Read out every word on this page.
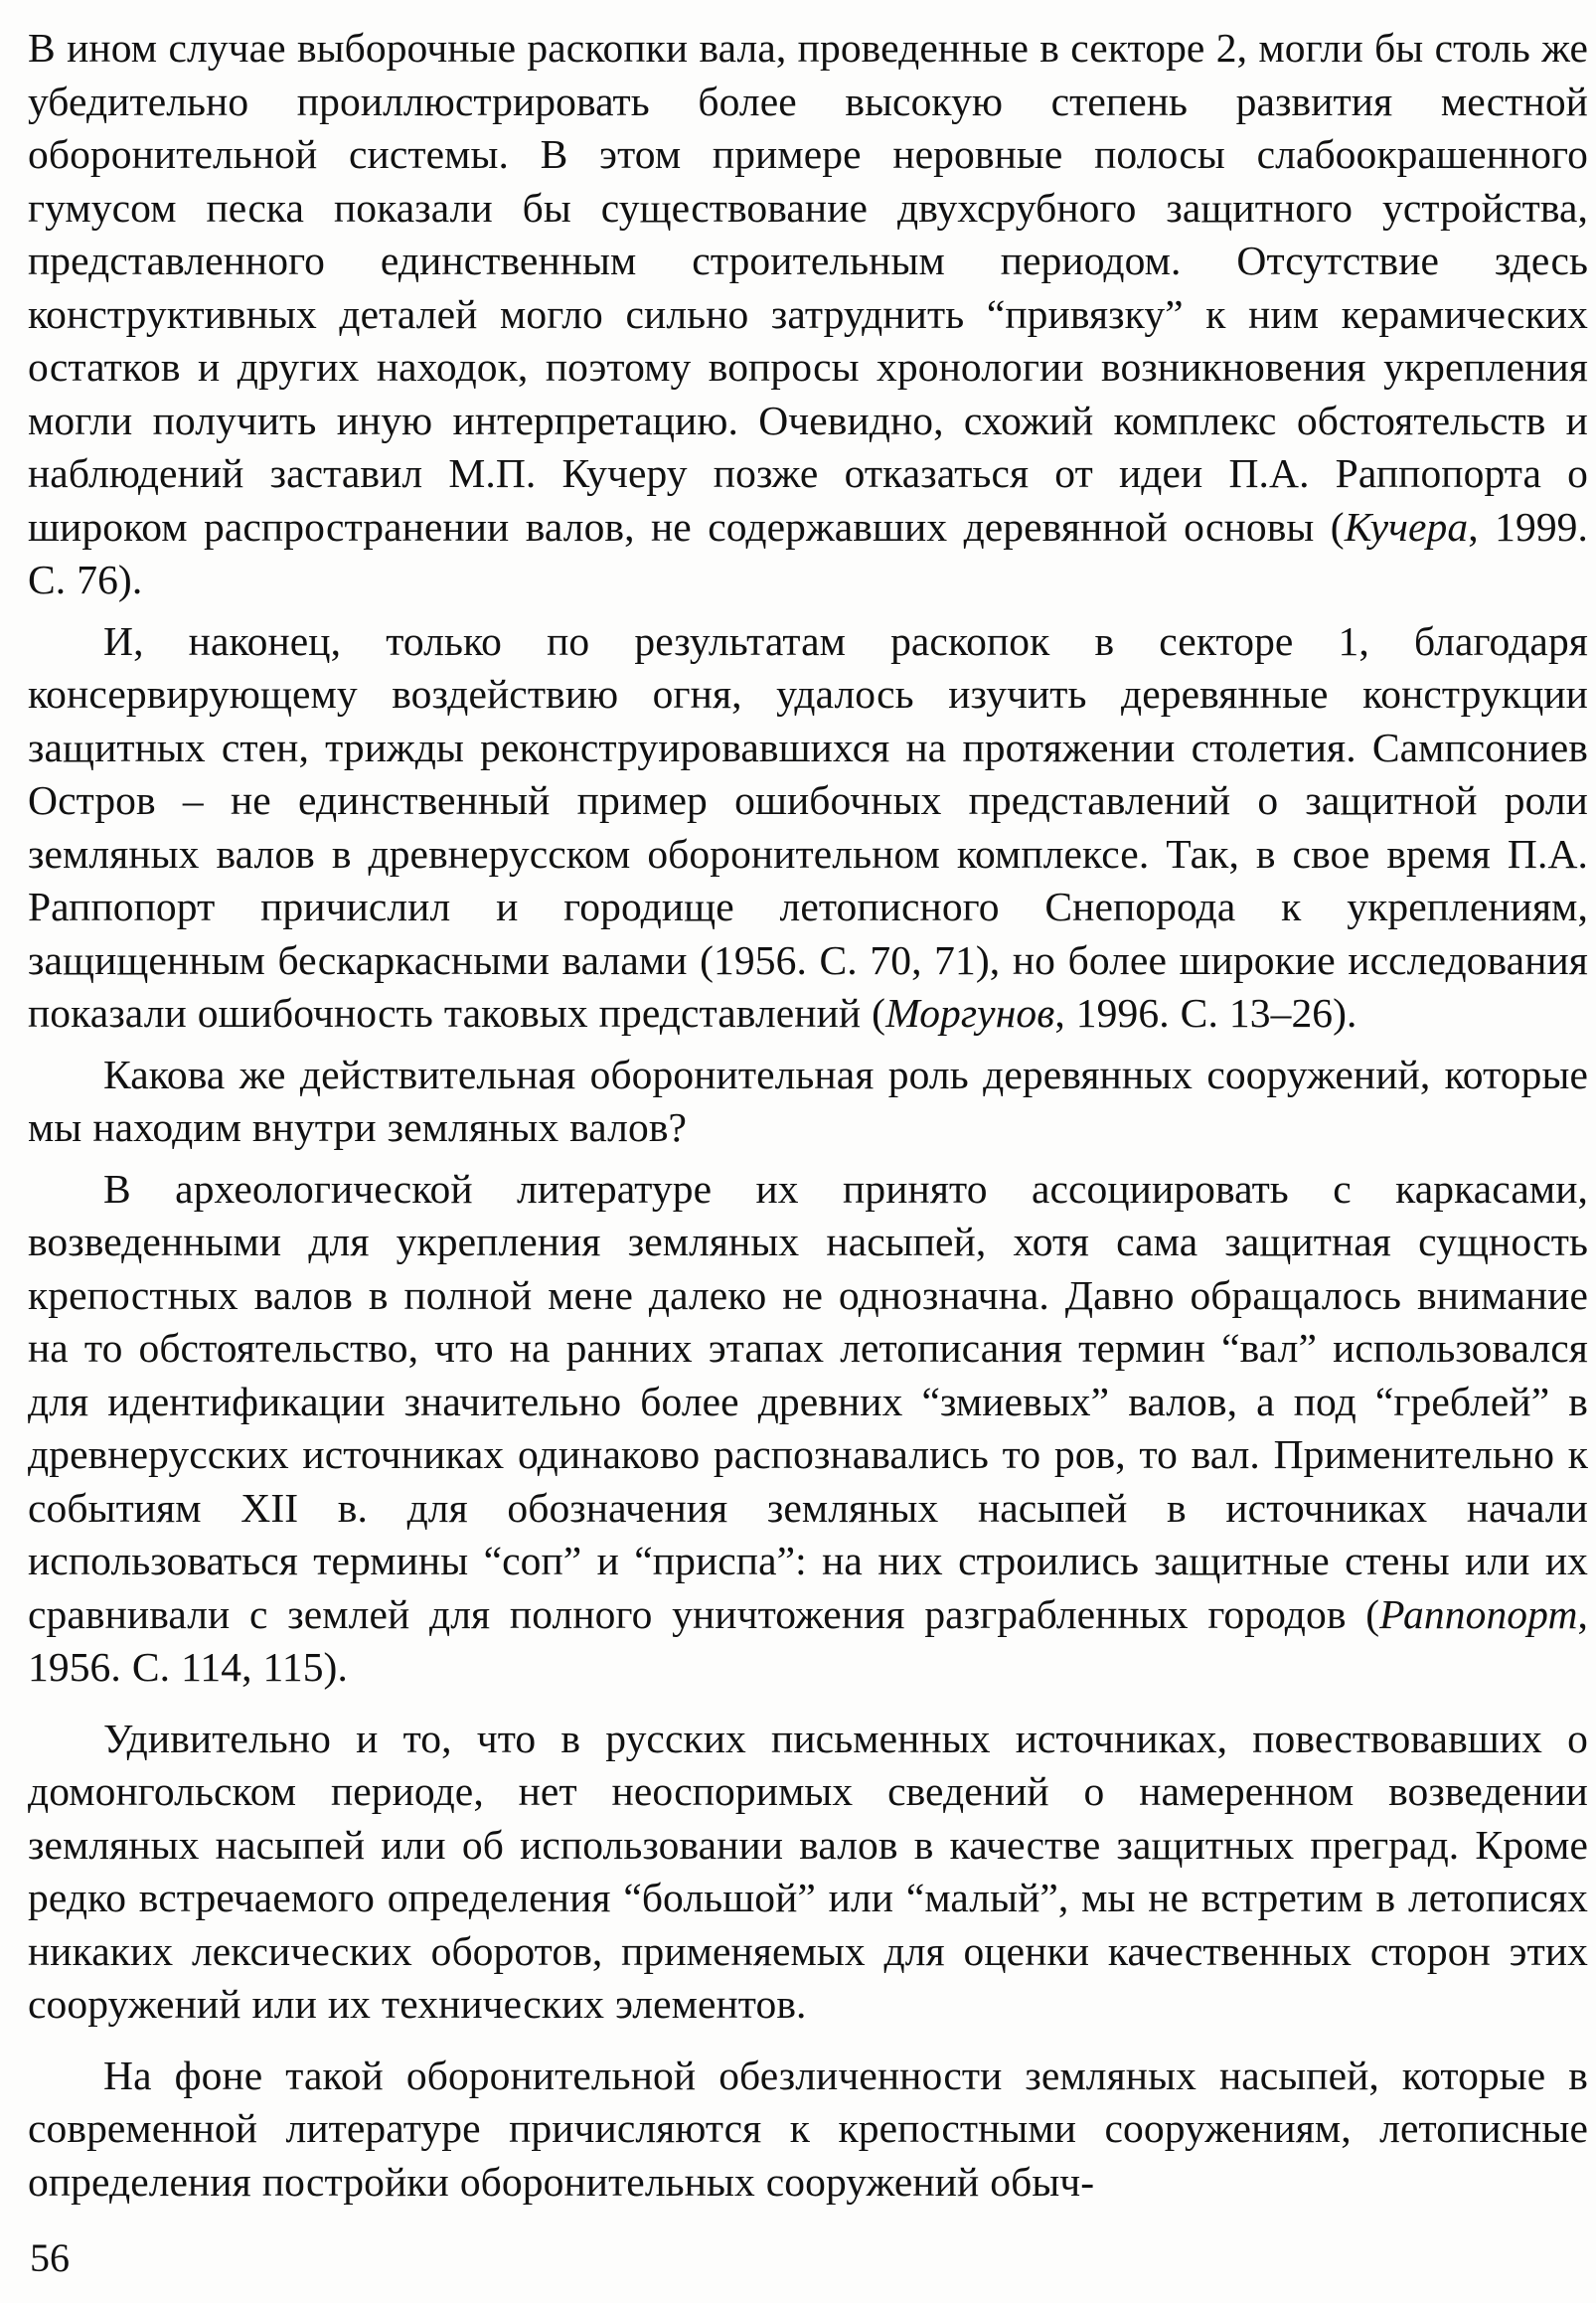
В ином случае выборочные раскопки вала, проведенные в секторе 2, могли бы столь же убедительно проиллюстрировать более высокую степень развития местной оборонительной системы. В этом примере неровные полосы слабоокрашенного гумусом песка показали бы существование двухсрубного защитного устройства, представленного единственным строительным периодом. Отсутствие здесь конструктивных деталей могло сильно затруднить “привязку” к ним керамических остатков и других находок, поэтому вопросы хронологии возникновения укрепления могли получить иную интерпретацию. Очевидно, схожий комплекс обстоятельств и наблюдений заставил М.П. Кучеру позже отказаться от идеи П.А. Раппопорта о широком распространении валов, не содержавших деревянной основы (Кучера, 1999. С. 76).

И, наконец, только по результатам раскопок в секторе 1, благодаря консервирующему воздействию огня, удалось изучить деревянные конструкции защитных стен, трижды реконструировавшихся на протяжении столетия. Сампсониев Остров – не единственный пример ошибочных представлений о защитной роли земляных валов в древнерусском оборонительном комплексе. Так, в свое время П.А. Раппопорт причислил и городище летописного Снепорода к укреплениям, защищенным бескаркасными валами (1956. С. 70, 71), но более широкие исследования показали ошибочность таковых представлений (Моргунов, 1996. С. 13–26).

Какова же действительная оборонительная роль деревянных сооружений, которые мы находим внутри земляных валов?

В археологической литературе их принято ассоциировать с каркасами, возведенными для укрепления земляных насыпей, хотя сама защитная сущность крепостных валов в полной мене далеко не однозначна. Давно обращалось внимание на то обстоятельство, что на ранних этапах летописания термин “вал” использовался для идентификации значительно более древних “змиевых” валов, а под “греблей” в древнерусских источниках одинаково распознавались то ров, то вал. Применительно к событиям XII в. для обозначения земляных насыпей в источниках начали использоваться термины “соп” и “приспа”: на них строились защитные стены или их сравнивали с землей для полного уничтожения разграбленных городов (Раппопорт, 1956. С. 114, 115).

Удивительно и то, что в русских письменных источниках, повествовавших о домонгольском периоде, нет неоспоримых сведений о намеренном возведении земляных насыпей или об использовании валов в качестве защитных преград. Кроме редко встречаемого определения “большой” или “малый”, мы не встретим в летописях никаких лексических оборотов, применяемых для оценки качественных сторон этих сооружений или их технических элементов.

На фоне такой оборонительной обезличенности земляных насыпей, которые в современной литературе причисляются к крепостными сооружениям, летописные определения постройки оборонительных сооружений обыч-

56
